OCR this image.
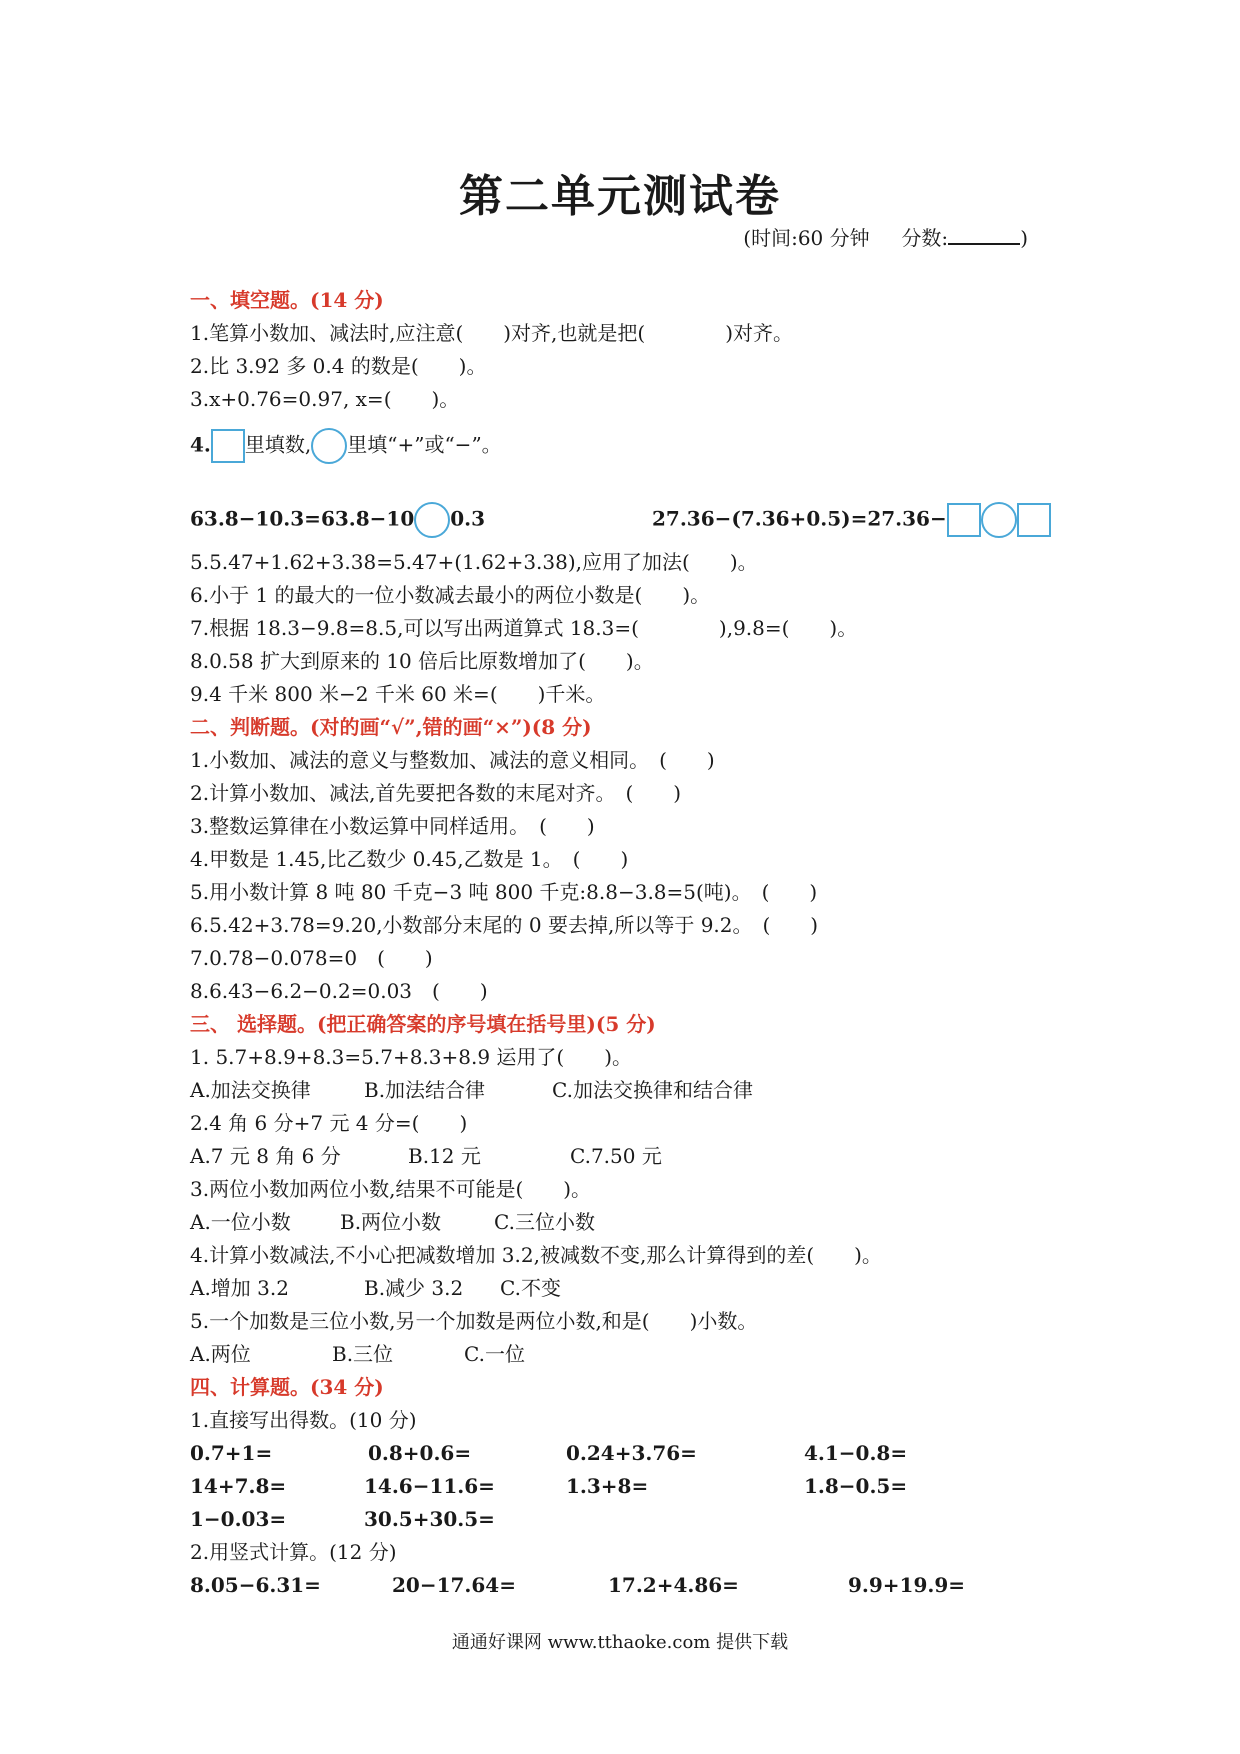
第二单元测试卷
(时间:60 分钟 分数:	)
一、填空题。(14 分)
1.笔算小数加、减法时,应注意(　　)对齐,也就是把(　　　　)对齐。
2.比 3.92 多 0.4 的数是(　　)。
3.x+0.76=0.97, x=(　　)。
4. 里填数, 里填“+”或“−”。
63.8−10.3=63.8−10 0.3	27.36−(7.36+0.5)=27.36−
5.5.47+1.62+3.38=5.47+(1.62+3.38),应用了加法(　　)。
6.小于 1 的最大的一位小数减去最小的两位小数是(　　)。
7.根据 18.3−9.8=8.5,可以写出两道算式 18.3=(　　　　),9.8=(　　)。
8.0.58 扩大到原来的 10 倍后比原数增加了(　　)。
9.4 千米 800 米−2 千米 60 米=(　　)千米。
二、判断题。(对的画“√”,错的画“×”)(8 分)
1.小数加、减法的意义与整数加、减法的意义相同。　(　　)
2.计算小数加、减法,首先要把各数的末尾对齐。　(　　)
3.整数运算律在小数运算中同样适用。　(　　)
4.甲数是 1.45,比乙数少 0.45,乙数是 1。　(　　)
5.用小数计算 8 吨 80 千克−3 吨 800 千克:8.8−3.8=5(吨)。　(　　)
6.5.42+3.78=9.20,小数部分末尾的 0 要去掉,所以等于 9.2。　(　　)
7.0.78−0.078=0　(　　)
8.6.43−6.2−0.2=0.03　(　　)
三、 选择题。(把正确答案的序号填在括号里)(5 分)
1. 5.7+8.9+8.3=5.7+8.3+8.9 运用了(　　)。
A.加法交换律	B.加法结合律	C.加法交换律和结合律
2.4 角 6 分+7 元 4 分=(　　)
A.7 元 8 角 6 分	B.12 元	C.7.50 元
3.两位小数加两位小数,结果不可能是(　　)。
A.一位小数 B.两位小数	C.三位小数
4.计算小数减法,不小心把减数增加 3.2,被减数不变,那么计算得到的差(　　)。
A.增加 3.2	B.减少 3.2 C.不变
5.一个加数是三位小数,另一个加数是两位小数,和是(　　)小数。
A.两位	B.三位	C.一位
四、计算题。(34 分)
1.直接写出得数。(10 分)
0.7+1=	0.8+0.6=	0.24+3.76=	4.1−0.8=
14+7.8=	14.6−11.6=	1.3+8=	1.8−0.5=
1−0.03=	30.5+30.5=
2.用竖式计算。(12 分)
8.05−6.31=	20−17.64=	17.2+4.86=	9.9+19.9=
通通好课网 www.tthaoke.com 提供下载
